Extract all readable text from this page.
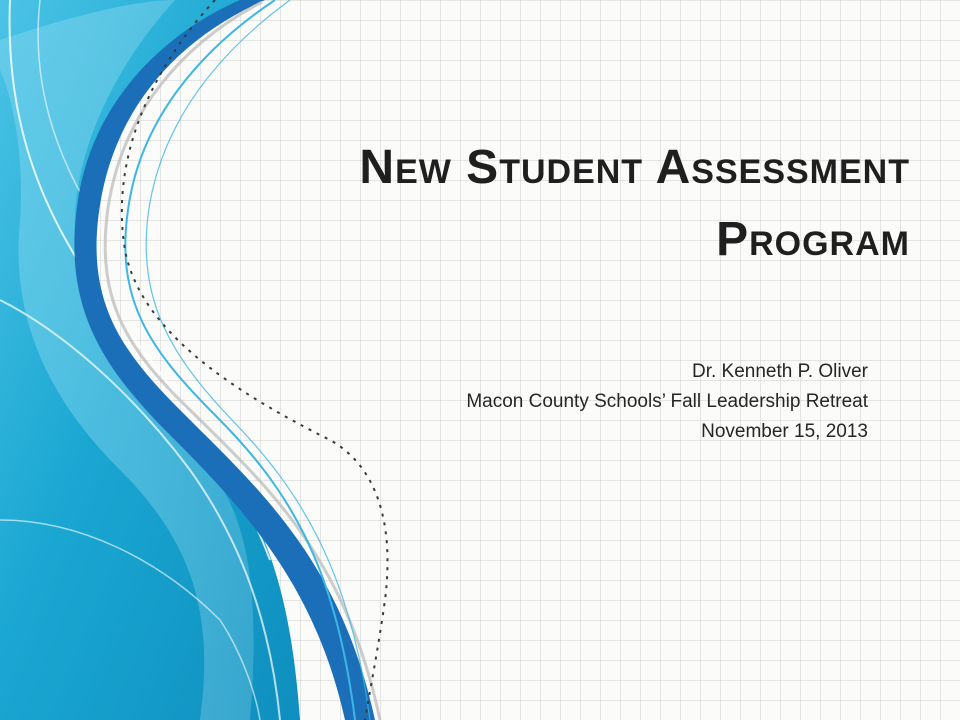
New Student Assessment
Program
Dr. Kenneth P. Oliver
Macon County Schools’ Fall Leadership Retreat
November 15, 2013
